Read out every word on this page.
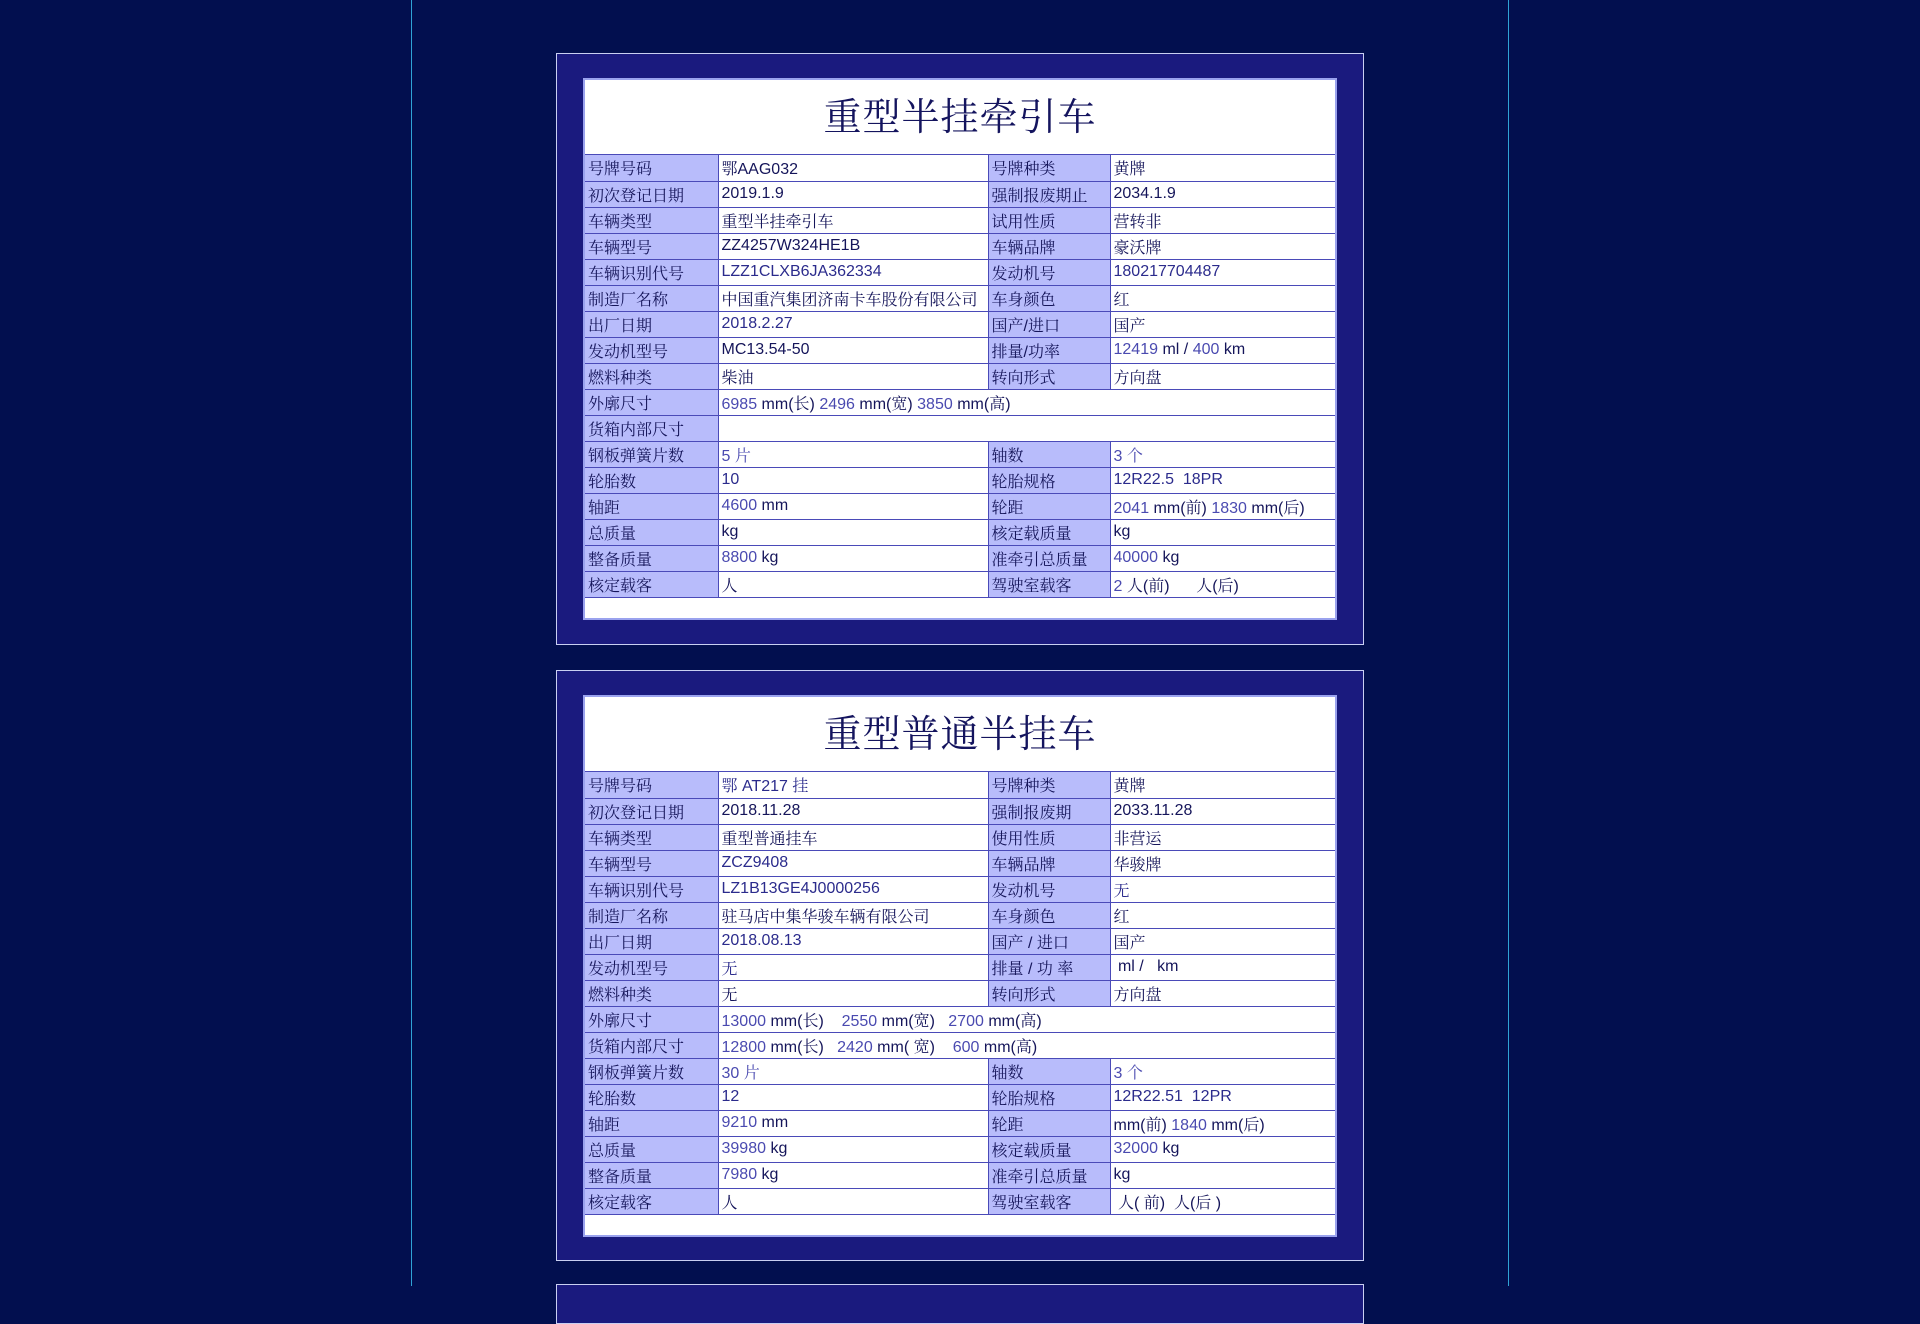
重型半挂牵引车
号牌号码	鄂AAG032	号牌种类	黄牌
初次登记日期	2019.1.9	强制报废期止	2034.1.9
车辆类型	重型半挂牵引车	试用性质	营转非
车辆型号	ZZ4257W324HE1B	车辆品牌	豪沃牌
车辆识别代号	LZZ1CLXB6JA362334	发动机号	180217704487
制造厂名称	中国重汽集团济南卡车股份有限公司	车身颜色	红
出厂日期	2018.2.27	国产/进口	国产
发动机型号	MC13.54-50	排量/功率	12419 ml / 400 km
燃料种类	柴油	转向形式	方向盘
外廓尺寸	6985 mm(长) 2496 mm(宽) 3850 mm(高)		
货箱内部尺寸			
钢板弹簧片数	5 片	轴数	3 个
轮胎数	10	轮胎规格	12R22.5  18PR
轴距	4600 mm	轮距	2041 mm(前) 1830 mm(后)
总质量	kg	核定载质量	kg
整备质量	8800 kg	准牵引总质量	40000 kg
核定载客	人	驾驶室载客	2 人(前) 人(后)
重型普通半挂车
号牌号码	鄂 AT217 挂	号牌种类	黄牌
初次登记日期	2018.11.28	强制报废期	2033.11.28
车辆类型	重型普通挂车	使用性质	非营运
车辆型号	ZCZ9408	车辆品牌	华骏牌
车辆识别代号	LZ1B13GE4J0000256	发动机号	无
制造厂名称	驻马店中集华骏车辆有限公司	车身颜色	红
出厂日期	2018.08.13	国产 / 进口	国产
发动机型号	无	排量 / 功 率	ml / km
燃料种类	无	转向形式	方向盘
外廓尺寸	13000 mm(长) 2550 mm(宽) 2700 mm(高)		
货箱内部尺寸	12800 mm(长) 2420 mm( 宽) 600 mm(高)		
钢板弹簧片数	30 片	轴数	3 个
轮胎数	12	轮胎规格	12R22.51  12PR
轴距	9210 mm	轮距	mm(前) 1840 mm(后)
总质量	39980 kg	核定载质量	32000 kg
整备质量	7980 kg	准牵引总质量	kg
核定载客	人	驾驶室载客	人( 前) 人(后 )
